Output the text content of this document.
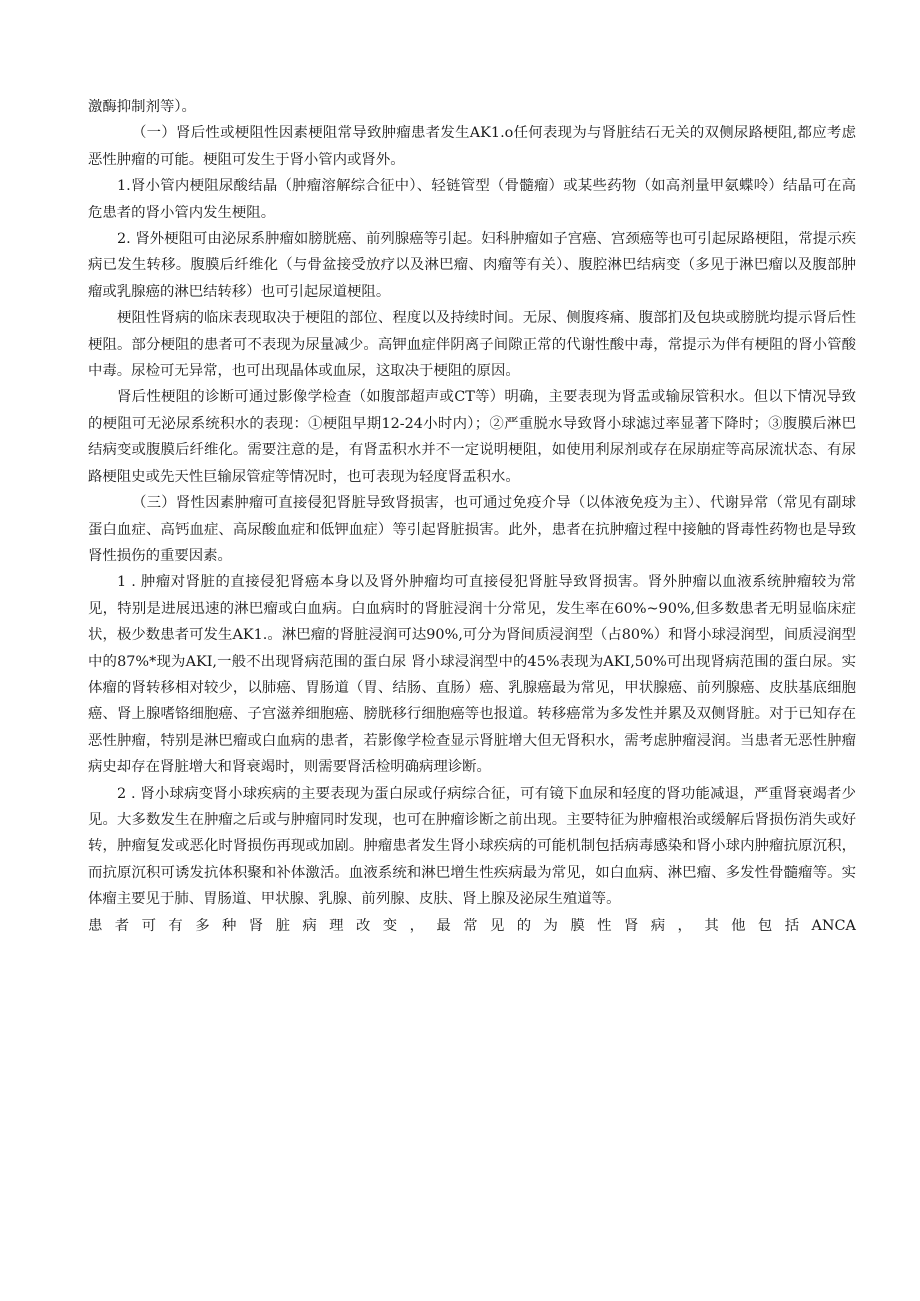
激酶抑制剂等）。

（一）肾后性或梗阻性因素梗阻常导致肿瘤患者发生AK1.o任何表现为与肾脏结石无关的双侧尿路梗阻,都应考虑恶性肿瘤的可能。梗阻可发生于肾小管内或肾外。

1.肾小管内梗阻尿酸结晶（肿瘤溶解综合征中）、轻链管型（骨髓瘤）或某些药物（如高剂量甲氨蝶呤）结晶可在高危患者的肾小管内发生梗阻。

2. 肾外梗阻可由泌尿系肿瘤如膀胱癌、前列腺癌等引起。妇科肿瘤如子宫癌、宫颈癌等也可引起尿路梗阻，常提示疾病已发生转移。腹膜后纤维化（与骨盆接受放疗以及淋巴瘤、肉瘤等有关）、腹腔淋巴结病变（多见于淋巴瘤以及腹部肿瘤或乳腺癌的淋巴结转移）也可引起尿道梗阻。

梗阻性肾病的临床表现取决于梗阻的部位、程度以及持续时间。无尿、侧腹疼痛、腹部扪及包块或膀胱均提示肾后性梗阻。部分梗阻的患者可不表现为尿量减少。高钾血症伴阴离子间隙正常的代谢性酸中毒，常提示为伴有梗阻的肾小管酸中毒。尿检可无异常，也可出现晶体或血尿，这取决于梗阻的原因。

肾后性梗阻的诊断可通过影像学检查（如腹部超声或CT等）明确，主要表现为肾盂或输尿管积水。但以下情况导致的梗阻可无泌尿系统积水的表现：①梗阻早期12-24小时内）；②严重脱水导致肾小球滤过率显著下降时；③腹膜后淋巴结病变或腹膜后纤维化。需要注意的是，有肾盂积水并不一定说明梗阻，如使用利尿剂或存在尿崩症等高尿流状态、有尿路梗阻史或先天性巨输尿管症等情况时，也可表现为轻度肾盂积水。

（三）肾性因素肿瘤可直接侵犯肾脏导致肾损害，也可通过免疫介导（以体液免疫为主）、代谢异常（常见有副球蛋白血症、高钙血症、高尿酸血症和低钾血症）等引起肾脏损害。此外，患者在抗肿瘤过程中接触的肾毒性药物也是导致肾性损伤的重要因素。

1 . 肿瘤对肾脏的直接侵犯肾癌本身以及肾外肿瘤均可直接侵犯肾脏导致肾损害。肾外肿瘤以血液系统肿瘤较为常见，特别是进展迅速的淋巴瘤或白血病。白血病时的肾脏浸润十分常见，发生率在60%~90%,但多数患者无明显临床症状，极少数患者可发生AK1.。淋巴瘤的肾脏浸润可达90%,可分为肾间质浸润型（占80%）和肾小球浸润型，间质浸润型中的87%*现为AKI,一般不出现肾病范围的蛋白尿 肾小球浸润型中的45%表现为AKI,50%可出现肾病范围的蛋白尿。实体瘤的肾转移相对较少，以肺癌、胃肠道（胃、结肠、直肠）癌、乳腺癌最为常见，甲状腺癌、前列腺癌、皮肤基底细胞癌、肾上腺嗜铬细胞癌、子宫滋养细胞癌、膀胱移行细胞癌等也报道。转移癌常为多发性并累及双侧肾脏。对于已知存在恶性肿瘤，特别是淋巴瘤或白血病的患者，若影像学检查显示肾脏增大但无肾积水，需考虑肿瘤浸润。当患者无恶性肿瘤病史却存在肾脏增大和肾衰竭时，则需要肾活检明确病理诊断。

2 . 肾小球病变肾小球疾病的主要表现为蛋白尿或仔病综合征，可有镜下血尿和轻度的肾功能减退，严重肾衰竭者少见。大多数发生在肿瘤之后或与肿瘤同时发现，也可在肿瘤诊断之前出现。主要特征为肿瘤根治或缓解后肾损伤消失或好转，肿瘤复发或恶化时肾损伤再现或加剧。肿瘤患者发生肾小球疾病的可能机制包括病毒感染和肾小球内肿瘤抗原沉积，而抗原沉积可诱发抗体积聚和补体激活。血液系统和淋巴增生性疾病最为常见，如白血病、淋巴瘤、多发性骨髓瘤等。实体瘤主要见于肺、胃肠道、甲状腺、乳腺、前列腺、皮肤、肾上腺及泌尿生殖道等。

患 者 可 有 多 种 肾 脏 病 理 改 变 ， 最 常 见 的 为 膜 性 肾 病 ， 其 他 包 括 ANCA
